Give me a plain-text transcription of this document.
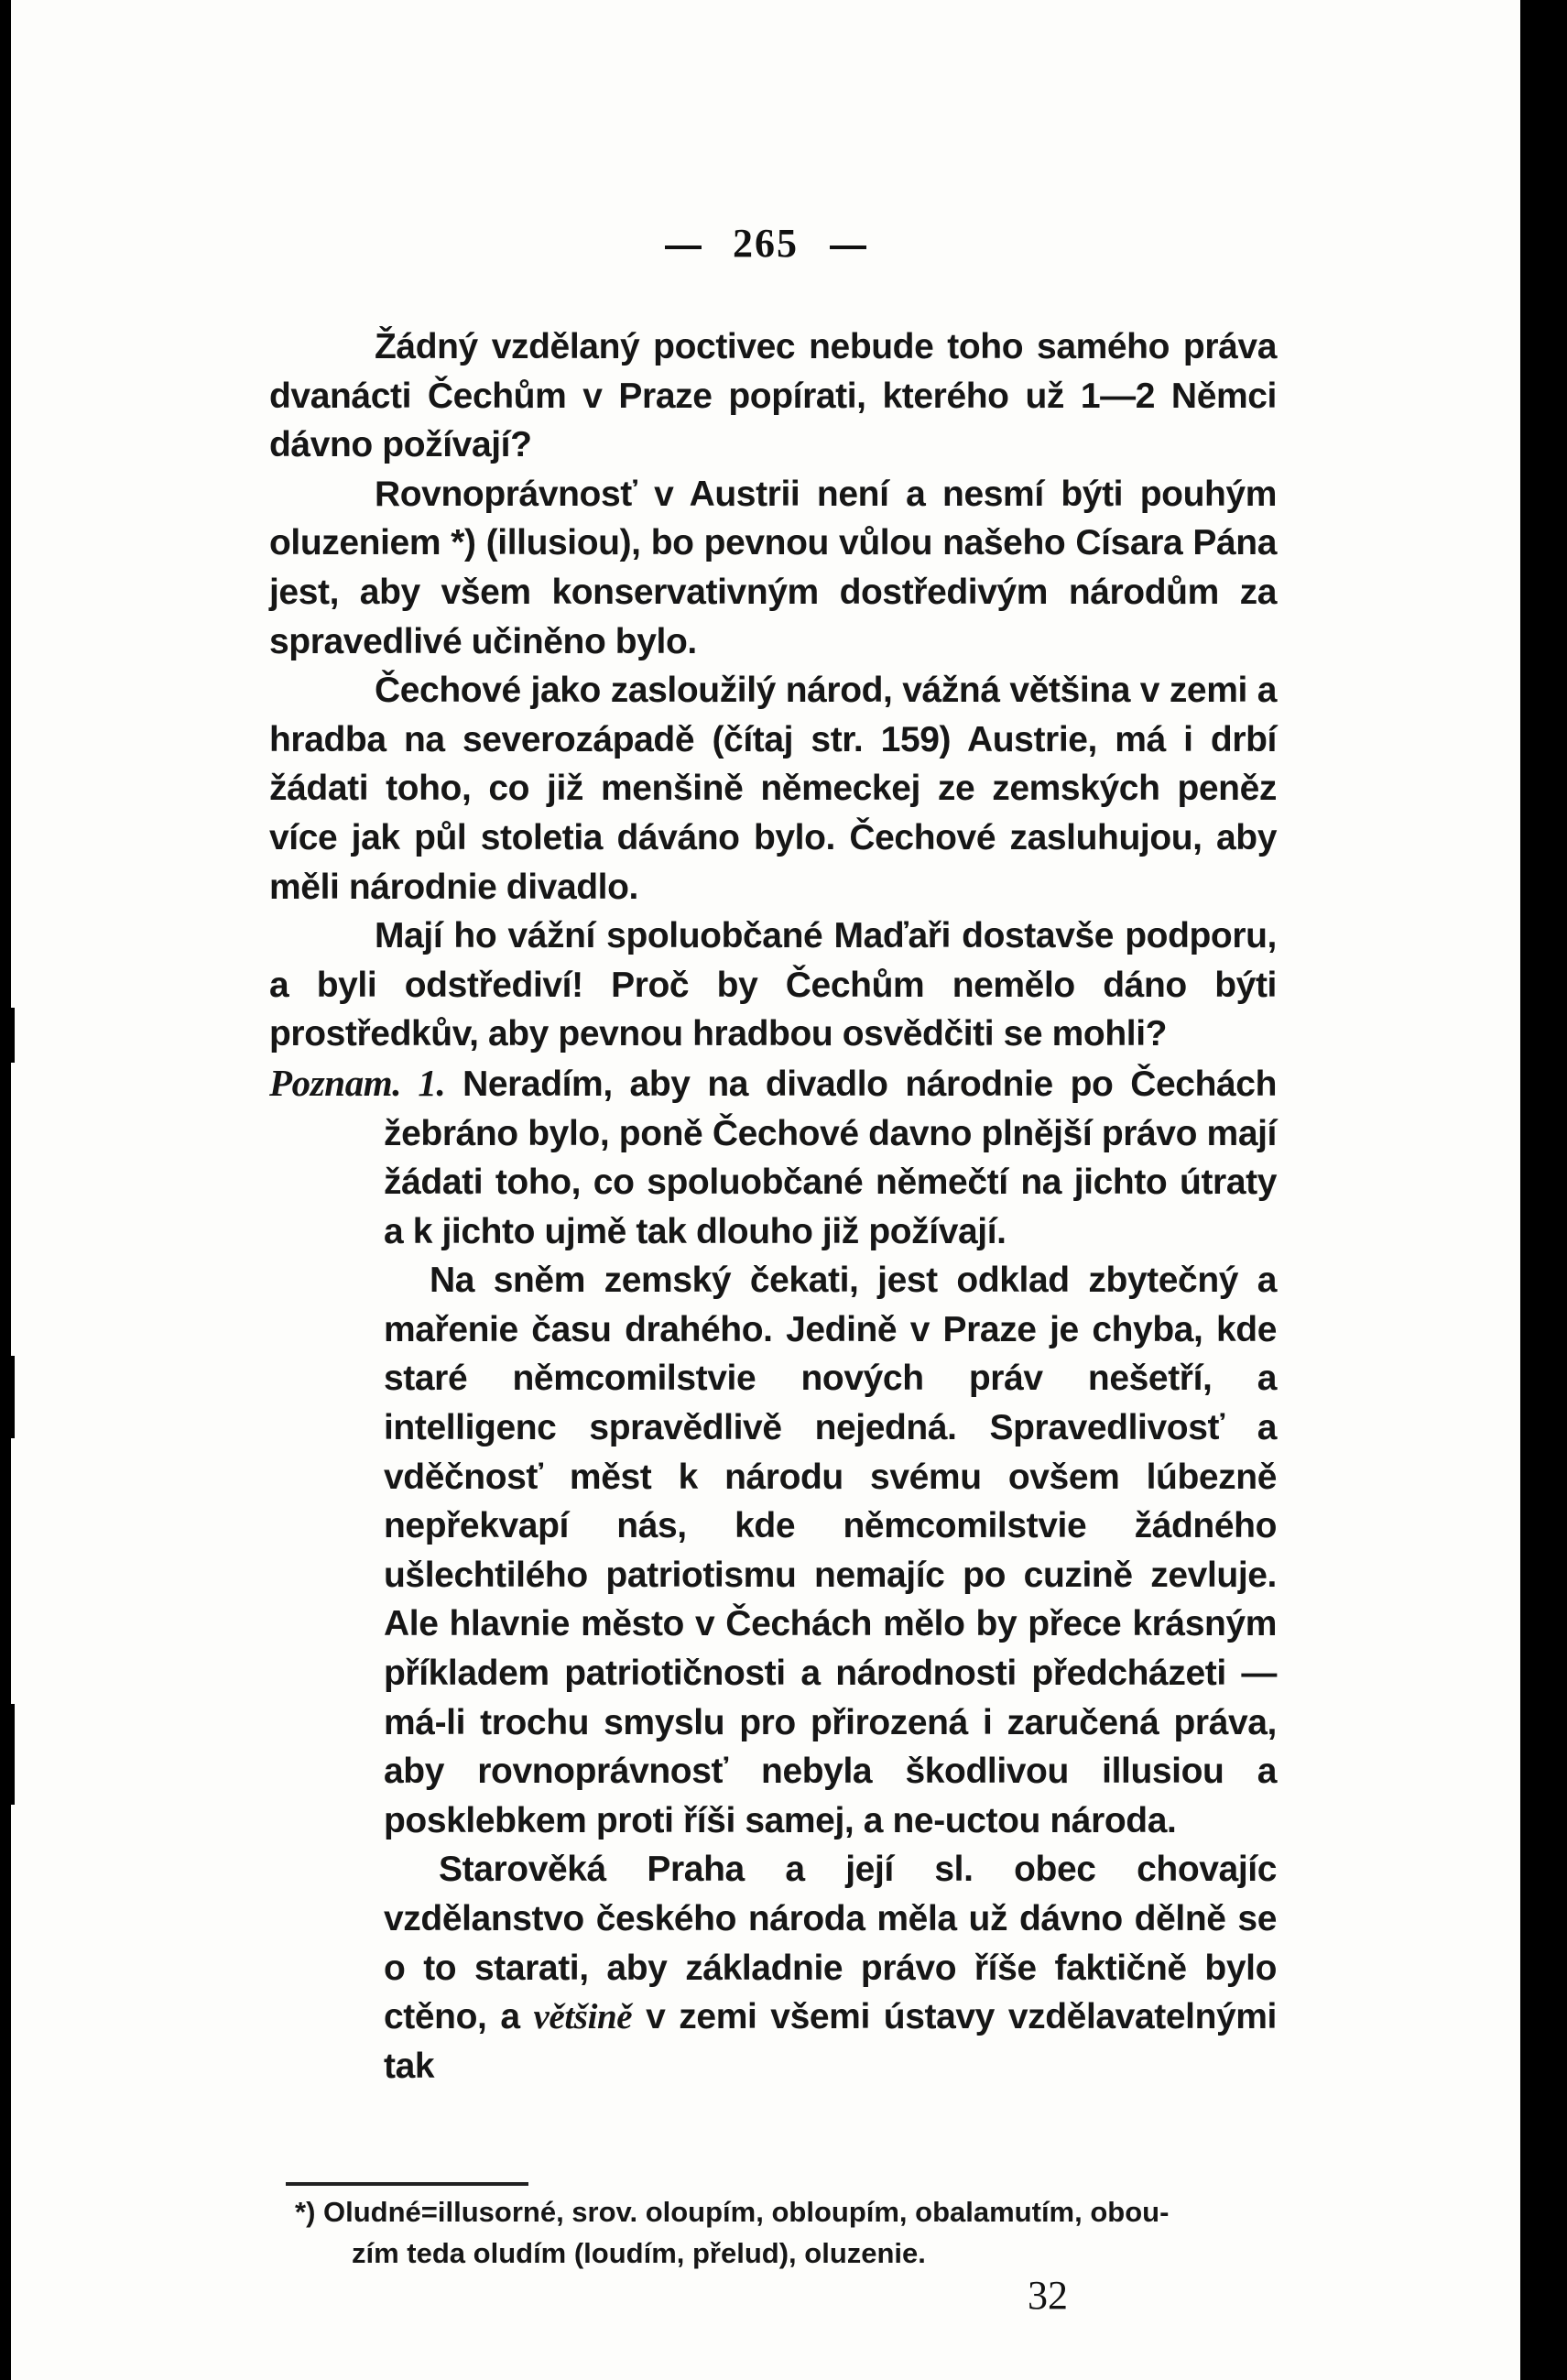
265

Žádný vzdělaný poctivec nebude toho samého práva dvanácti Čechům v Praze popírati, kterého už 1—2 Němci dávno požívají?

Rovnoprávnosť v Austrii není a nesmí býti pouhým oluzeniem *) (illusiou), bo pevnou vůlou našeho Císara Pána jest, aby všem konservativným dostředivým národům za spravedlivé učiněno bylo.

Čechové jako zasloužilý národ, vážná většina v zemi a hradba na severozápadě (čítaj str. 159) Austrie, má i drbí žádati toho, co již menšině německej ze zemských peněz více jak půl stoletia dáváno bylo. Čechové zasluhujou, aby měli národnie divadlo.

Mají ho vážní spoluobčané Maďaři dostavše podporu, a byli odstřediví! Proč by Čechům nemělo dáno býti prostředkův, aby pevnou hradbou osvědčiti se mohli?

Poznam. 1. Neradím, aby na divadlo národnie po Čechách žebráno bylo, poně Čechové davno plnější právo mají žádati toho, co spoluobčané němečtí na jichto útraty a k jichto ujmě tak dlouho již požívají.

Na sněm zemský čekati, jest odklad zbytečný a mařenie času drahého. Jedině v Praze je chyba, kde staré němcomilstvie nových práv nešetří, a intelligenc spravědlivě nejedná. Spravedlivosť a vděčnosť měst k národu svému ovšem lúbezně nepřekvapí nás, kde němcomilstvie žádného ušlechtilého patriotismu nemajíc po cuzině zevluje. Ale hlavnie město v Čechách mělo by přece krásným příkladem patriotičnosti a národnosti předcházeti — má-li trochu smyslu pro přirozená i zaručená práva, aby rovnoprávnosť nebyla škodlivou illusiou a posklebkem proti říši samej, a ne-uctou národa.

Starověká Praha a její sl. obec chovajíc vzdělanstvo českého národa měla už dávno dělně se o to starati, aby základnie právo říše faktičně bylo ctěno, a většině v zemi všemi ústavy vzdělavatelnými tak

*) Oludné=illusorné, srov. oloupím, obloupím, obalamutím, obou-
zím teda oludím (loudím, přelud), oluzenie.
32
